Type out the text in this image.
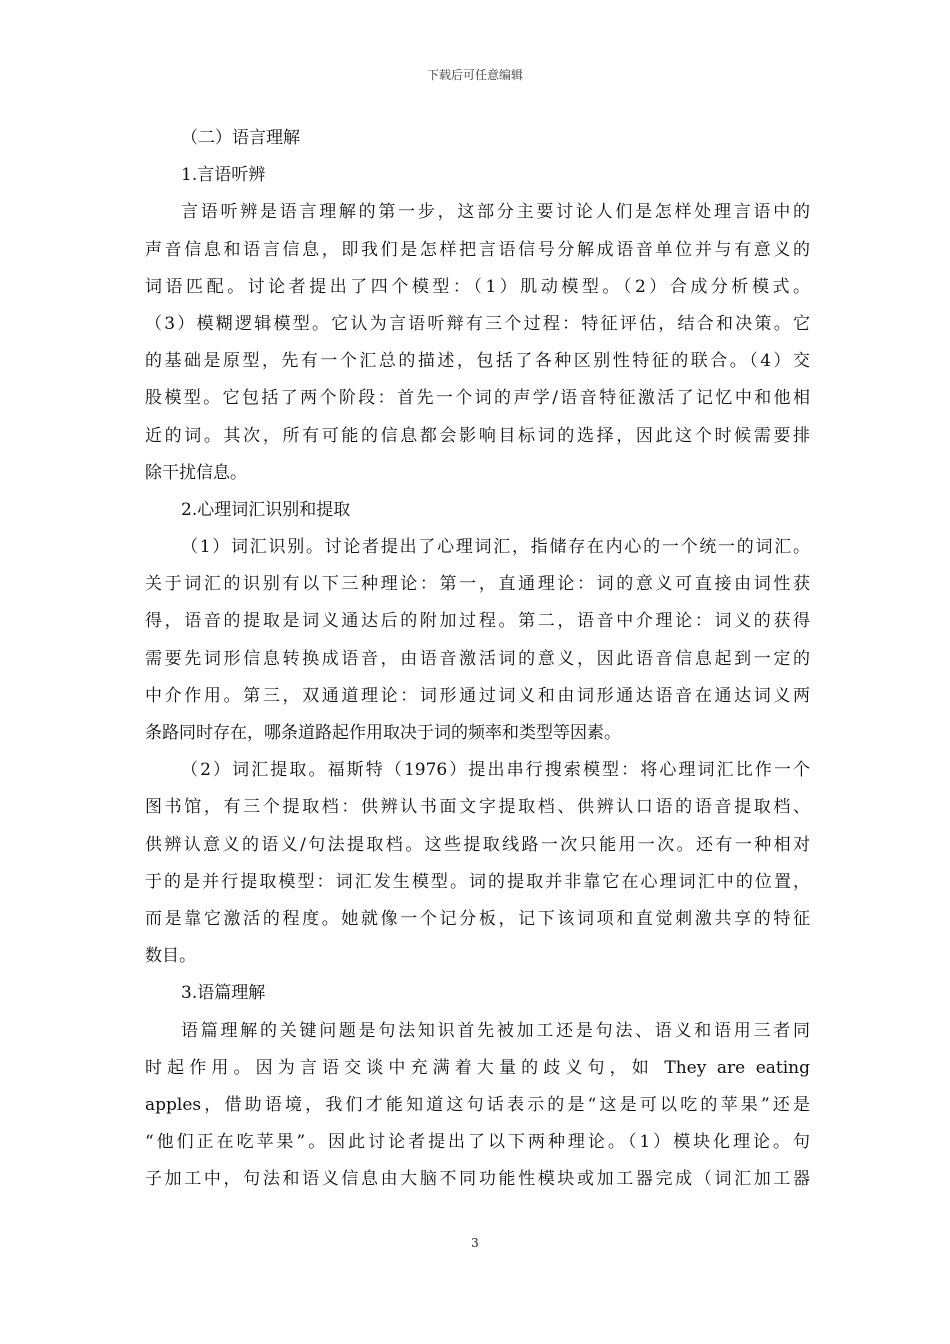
下载后可任意编辑
（二）语言理解
1.言语听辨
言语听辨是语言理解的第一步，这部分主要讨论人们是怎样处理言语中的
声音信息和语言信息，即我们是怎样把言语信号分解成语音单位并与有意义的
词语匹配。讨论者提出了四个模型：（1）肌动模型。（2）合成分析模式。
（3）模糊逻辑模型。它认为言语听辩有三个过程：特征评估，结合和决策。它
的基础是原型，先有一个汇总的描述，包括了各种区别性特征的联合。（4）交
股模型。它包括了两个阶段：首先一个词的声学/语音特征激活了记忆中和他相
近的词。其次，所有可能的信息都会影响目标词的选择，因此这个时候需要排
除干扰信息。
2.心理词汇识别和提取
（1）词汇识别。讨论者提出了心理词汇，指储存在内心的一个统一的词汇。
关于词汇的识别有以下三种理论：第一，直通理论：词的意义可直接由词性获
得，语音的提取是词义通达后的附加过程。第二，语音中介理论：词义的获得
需要先词形信息转换成语音，由语音激活词的意义，因此语音信息起到一定的
中介作用。第三，双通道理论：词形通过词义和由词形通达语音在通达词义两
条路同时存在，哪条道路起作用取决于词的频率和类型等因素。
（2）词汇提取。福斯特（1976）提出串行搜索模型：将心理词汇比作一个
图书馆，有三个提取档：供辨认书面文字提取档、供辨认口语的语音提取档、
供辨认意义的语义/句法提取档。这些提取线路一次只能用一次。还有一种相对
于的是并行提取模型：词汇发生模型。词的提取并非靠它在心理词汇中的位置，
而是靠它激活的程度。她就像一个记分板，记下该词项和直觉刺激共享的特征
数目。
3.语篇理解
语篇理解的关键问题是句法知识首先被加工还是句法、语义和语用三者同
时起作用。因为言语交谈中充满着大量的歧义句，如 They are eating
apples，借助语境，我们才能知道这句话表示的是“这是可以吃的苹果”还是
“他们正在吃苹果”。因此讨论者提出了以下两种理论。（1）模块化理论。句
子加工中，句法和语义信息由大脑不同功能性模块或加工器完成（词汇加工器
3
